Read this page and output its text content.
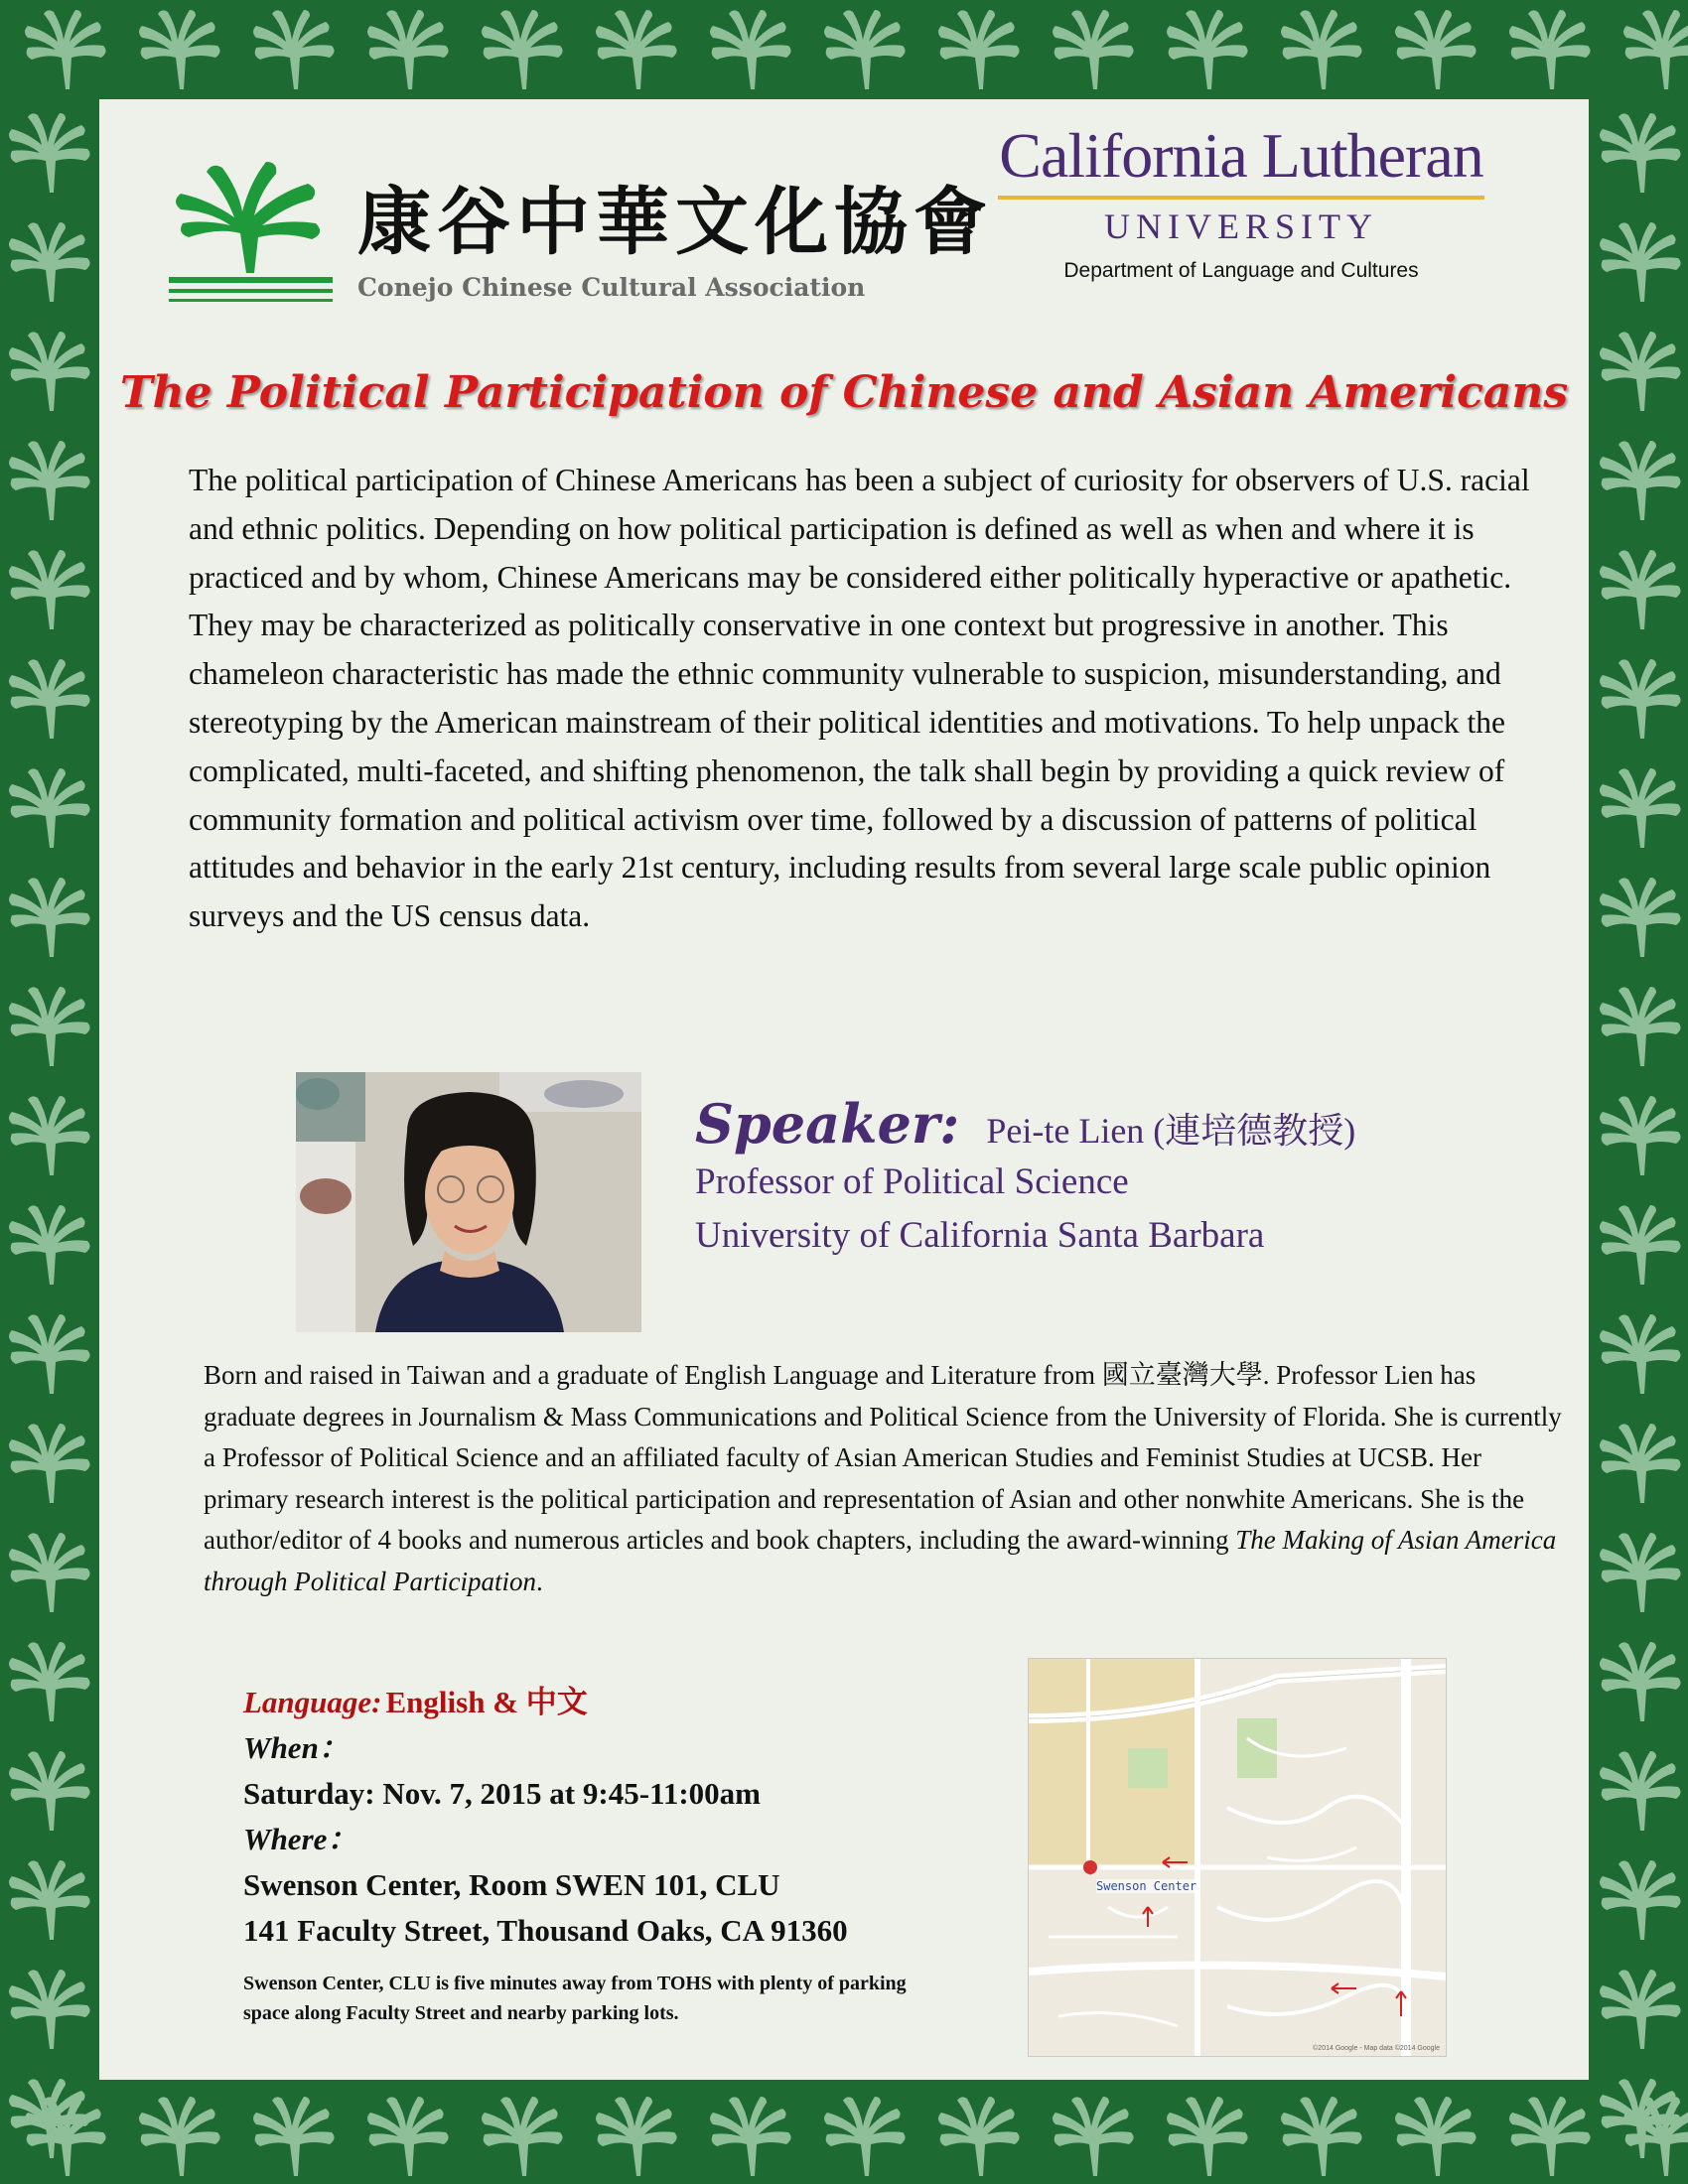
康谷中華文化協會
Conejo Chinese Cultural Association
California Lutheran
UNIVERSITY
Department of Language and Cultures
The Political Participation of Chinese and Asian Americans
The political participation of Chinese Americans has been a subject of curiosity for observers of U.S. racial and ethnic politics. Depending on how political participation is defined as well as when and where it is practiced and by whom, Chinese Americans may be considered either politically hyperactive or apathetic. They may be characterized as politically conservative in one context but progressive in another. This chameleon characteristic has made the ethnic community vulnerable to suspicion, misunderstanding, and stereotyping by the American mainstream of their political identities and motivations. To help unpack the complicated, multi-faceted, and shifting phenomenon, the talk shall begin by providing a quick review of community formation and political activism over time, followed by a discussion of patterns of political attitudes and behavior in the early 21st century, including results from several large scale public opinion surveys and the US census data.
Speaker: Pei-te Lien (連培德教授)
Professor of Political Science
University of California Santa Barbara
Born and raised in Taiwan and a graduate of English Language and Literature from 國立臺灣大學. Professor Lien has graduate degrees in Journalism & Mass Communications and Political Science from the University of Florida. She is currently a Professor of Political Science and an affiliated faculty of Asian American Studies and Feminist Studies at UCSB. Her primary research interest is the political participation and representation of Asian and other nonwhite Americans. She is the author/editor of 4 books and numerous articles and book chapters, including the award-winning The Making of Asian America through Political Participation.
Language: English & 中文
When：
Saturday: Nov. 7, 2015 at 9:45-11:00am
Where：
Swenson Center, Room SWEN 101, CLU
141 Faculty Street, Thousand Oaks, CA 91360
Swenson Center, CLU is five minutes away from TOHS with plenty of parking space along Faculty Street and nearby parking lots.
Swenson Center
©2014 Google - Map data ©2014 Google
